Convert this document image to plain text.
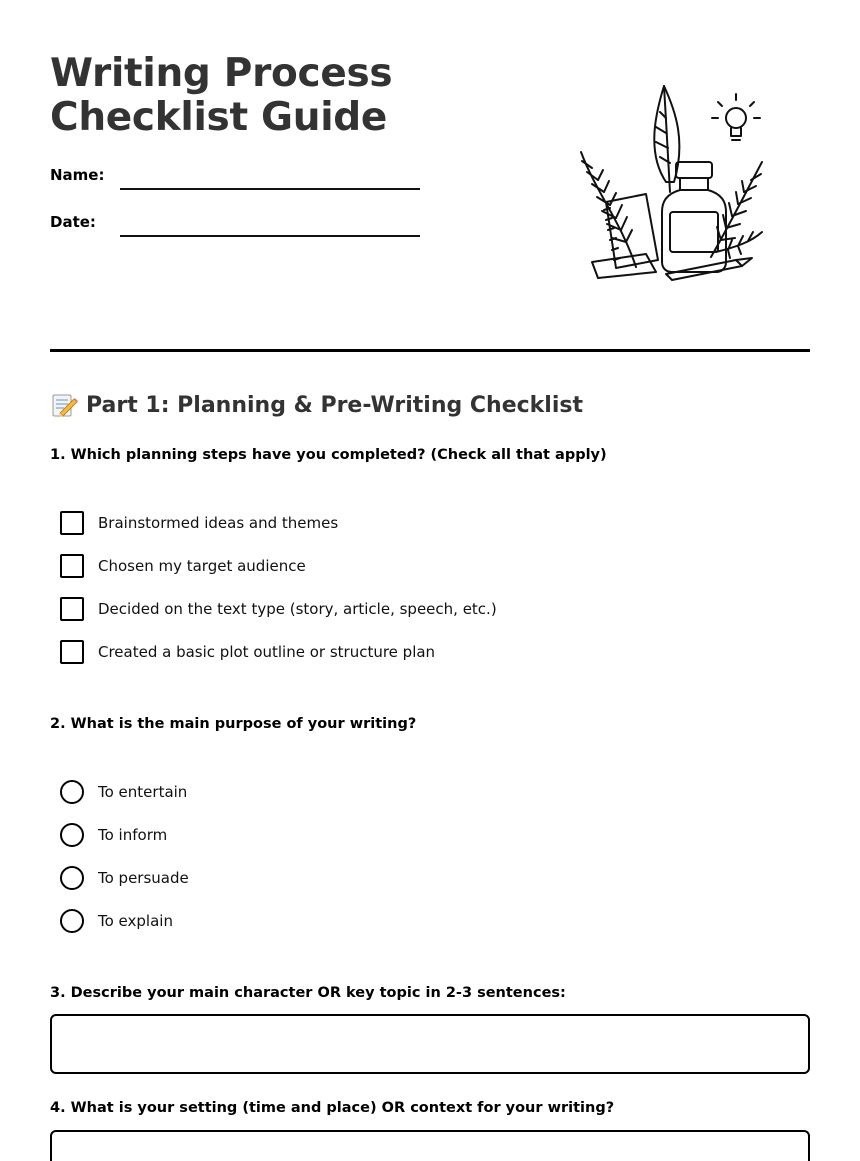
Writing Process
Checklist Guide
Name:
Date:
Part 1: Planning & Pre-Writing Checklist
1. Which planning steps have you completed? (Check all that apply)
Brainstormed ideas and themes
Chosen my target audience
Decided on the text type (story, article, speech, etc.)
Created a basic plot outline or structure plan
2. What is the main purpose of your writing?
To entertain
To inform
To persuade
To explain
3. Describe your main character OR key topic in 2-3 sentences:
4. What is your setting (time and place) OR context for your writing?
